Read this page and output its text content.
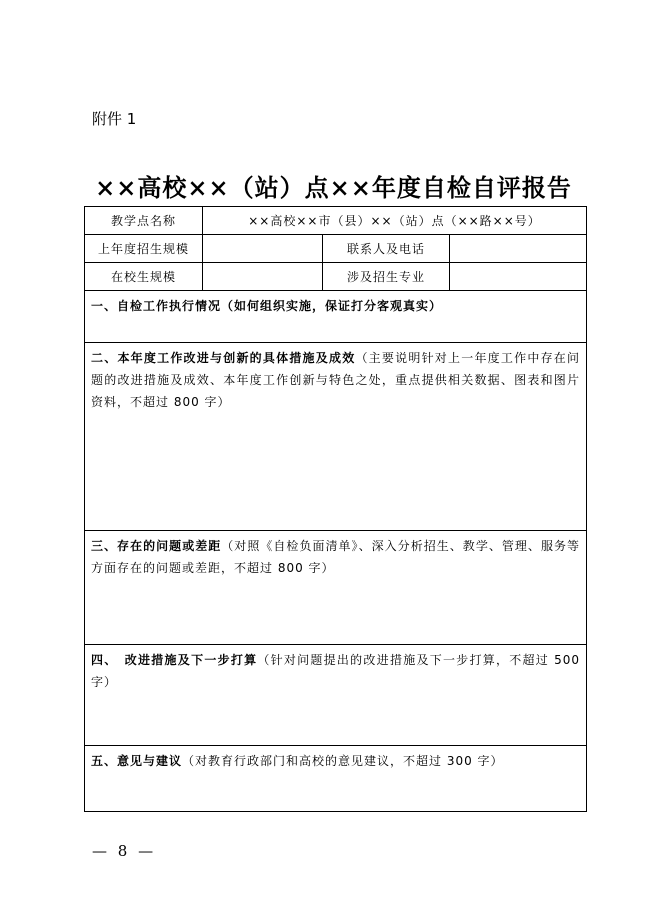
附件 1
××高校××（站）点××年度自检自评报告
教学点名称	××高校××市（县）××（站）点（××路××号）		
上年度招生规模		联系人及电话	
在校生规模		涉及招生专业	
一、自检工作执行情况（如何组织实施，保证打分客观真实）			
二、本年度工作改进与创新的具体措施及成效（主要说明针对上一年度工作中存在问题的改进措施及成效、本年度工作创新与特色之处，重点提供相关数据、图表和图片资料，不超过 800 字）			
三、存在的问题或差距（对照《自检负面清单》、深入分析招生、教学、管理、服务等方面存在的问题或差距，不超过 800 字）			
四、　改进措施及下一步打算（针对问题提出的改进措施及下一步打算，不超过 500 字）			
五、意见与建议（对教育行政部门和高校的意见建议，不超过 300 字）			
— 8 —
